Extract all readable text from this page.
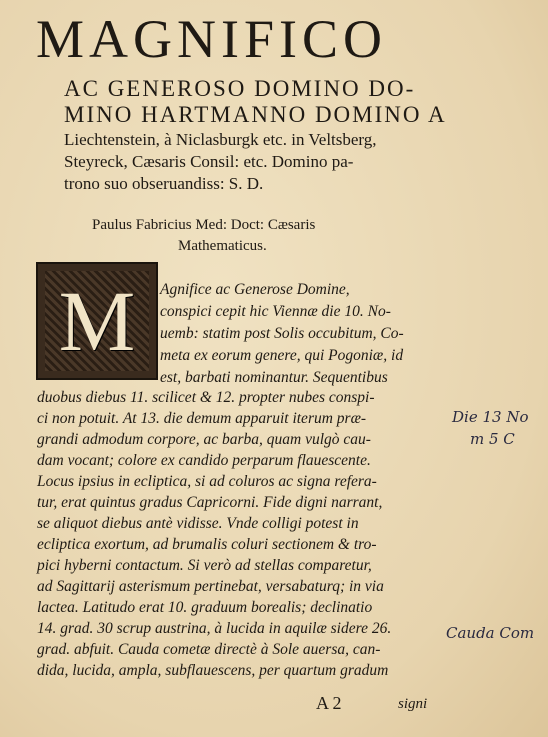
MAGNIFICO
AC GENEROSO DOMINO DO-
MINO HARTMANNO DOMINO A
Liechtenstein, à Niclasburgk etc. in Veltsberg,
Steyreck, Cæsaris Consil: etc. Domino pa-
trono suo obseruandiss: S. D.
Paulus Fabricius Med: Doct: Cæsaris
Mathematicus.
M Agnifice ac Generose Domine,
conspici cepit hic Viennæ die 10. No-
uemb: statim post Solis occubitum, Co-
meta ex eorum genere, qui Pogoniæ, id
est, barbati nominantur. Sequentibus
duobus diebus 11. scilicet & 12. propter nubes conspi-
ci non potuit. At 13. die demum apparuit iterum præ-
grandi admodum corpore, ac barba, quam vulgò cau-
dam vocant; colore ex candido perparum flauescente.
Locus ipsius in ecliptica, si ad coluros ac signa refera-
tur, erat quintus gradus Capricorni. Fide digni narrant,
se aliquot diebus antè vidisse. Vnde colligi potest in
ecliptica exortum, ad brumalis coluri sectionem & tro-
pici hyberni contactum. Si verò ad stellas comparetur,
ad Sagittarij asterismum pertinebat, versabaturq; in via
lactea. Latitudo erat 10. graduum borealis; declinatio
14. grad. 30 scrup austrina, à lucida in aquilæ sidere 26.
grad. abfuit. Cauda cometæ directè à Sole auersa, can-
dida, lucida, ampla, subflauescens, per quartum gradum
A 2	signi
Die 13 No
m 5 C
Cauda Com
